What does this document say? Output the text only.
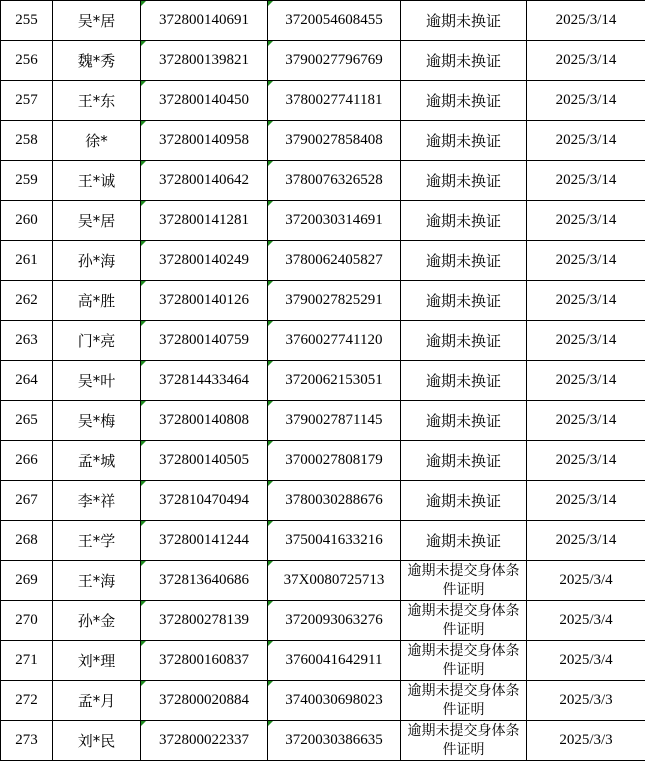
255	吴*居	372800140691	3720054608455	逾期未换证	2025/3/14
256	魏*秀	372800139821	3790027796769	逾期未换证	2025/3/14
257	王*东	372800140450	3780027741181	逾期未换证	2025/3/14
258	徐*	372800140958	3790027858408	逾期未换证	2025/3/14
259	王*诚	372800140642	3780076326528	逾期未换证	2025/3/14
260	吴*居	372800141281	3720030314691	逾期未换证	2025/3/14
261	孙*海	372800140249	3780062405827	逾期未换证	2025/3/14
262	高*胜	372800140126	3790027825291	逾期未换证	2025/3/14
263	门*亮	372800140759	3760027741120	逾期未换证	2025/3/14
264	吴*叶	372814433464	3720062153051	逾期未换证	2025/3/14
265	吴*梅	372800140808	3790027871145	逾期未换证	2025/3/14
266	孟*城	372800140505	3700027808179	逾期未换证	2025/3/14
267	李*祥	372810470494	3780030288676	逾期未换证	2025/3/14
268	王*学	372800141244	3750041633216	逾期未换证	2025/3/14
269	王*海	372813640686	37X0080725713	逾期未提交身体条件证明	2025/3/4
270	孙*金	372800278139	3720093063276	逾期未提交身体条件证明	2025/3/4
271	刘*理	372800160837	3760041642911	逾期未提交身体条件证明	2025/3/4
272	孟*月	372800020884	3740030698023	逾期未提交身体条件证明	2025/3/3
273	刘*民	372800022337	3720030386635	逾期未提交身体条件证明	2025/3/3
